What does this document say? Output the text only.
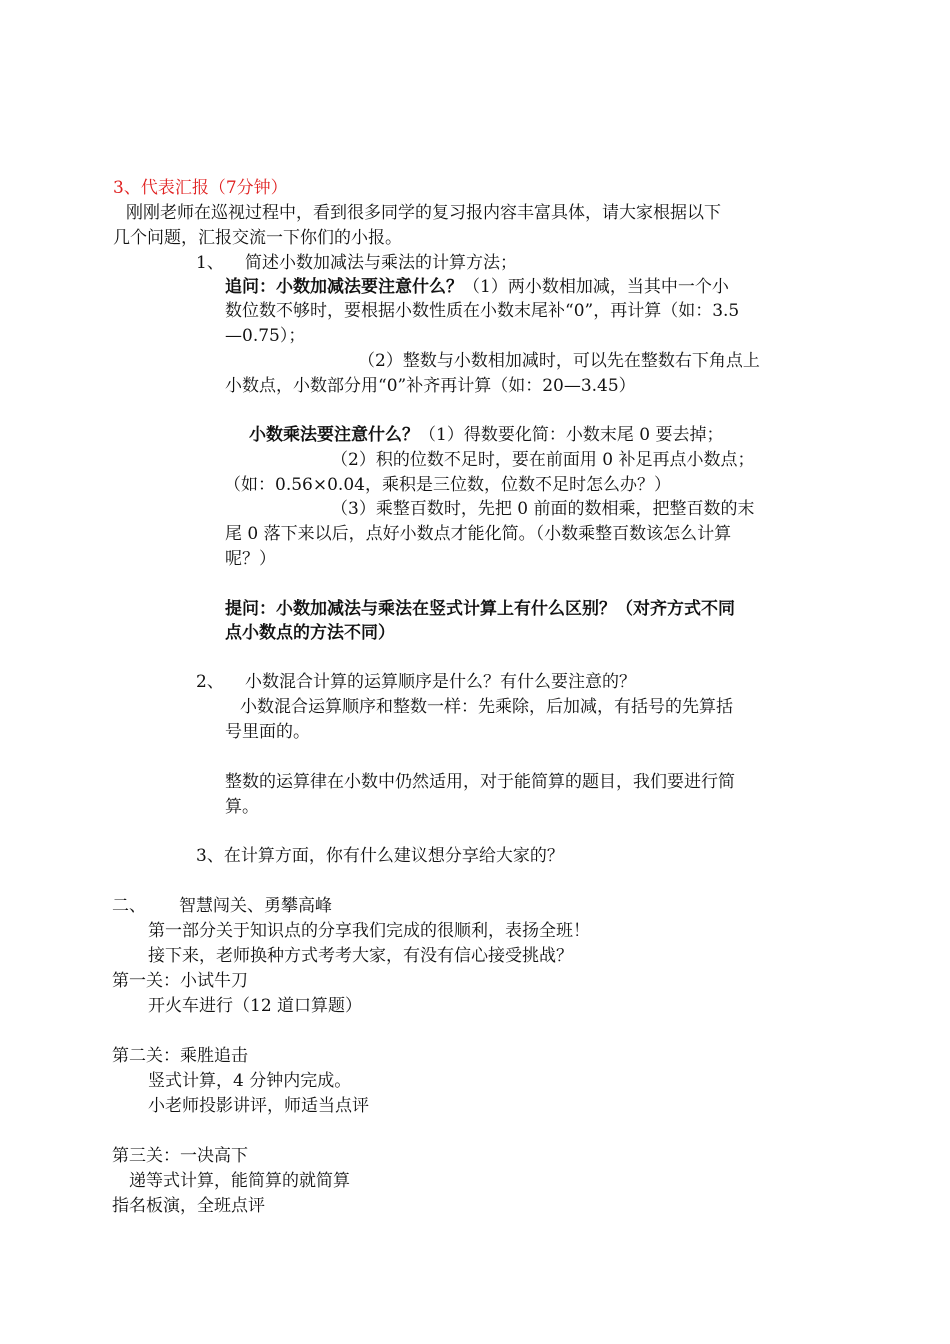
3、代表汇报（7分钟）
刚刚老师在巡视过程中，看到很多同学的复习报内容丰富具体，请大家根据以下
几个问题，汇报交流一下你们的小报。
1、 简述小数加减法与乘法的计算方法；
追问：小数加减法要注意什么？（1）两小数相加减，当其中一个小
数位数不够时，要根据小数性质在小数末尾补“0”，再计算（如：3.5
—0.75）；
（2）整数与小数相加减时，可以先在整数右下角点上
小数点，小数部分用“0”补齐再计算（如：20—3.45）
小数乘法要注意什么？（1）得数要化简：小数末尾 0 要去掉；
（2）积的位数不足时，要在前面用 0 补足再点小数点；
（如：0.56×0.04，乘积是三位数，位数不足时怎么办？）
（3）乘整百数时，先把 0 前面的数相乘，把整百数的末
尾 0 落下来以后，点好小数点才能化简。（小数乘整百数该怎么计算
呢？）
提问：小数加减法与乘法在竖式计算上有什么区别？（对齐方式不同
点小数点的方法不同）
2、 小数混合计算的运算顺序是什么？有什么要注意的？
小数混合运算顺序和整数一样：先乘除，后加减，有括号的先算括
号里面的。
整数的运算律在小数中仍然适用，对于能简算的题目，我们要进行简
算。
3、在计算方面，你有什么建议想分享给大家的？
二、 智慧闯关、勇攀高峰
第一部分关于知识点的分享我们完成的很顺利，表扬全班！
接下来，老师换种方式考考大家，有没有信心接受挑战？
第一关：小试牛刀
开火车进行（12 道口算题）
第二关：乘胜追击
竖式计算，4 分钟内完成。
小老师投影讲评，师适当点评
第三关：一决高下
递等式计算，能简算的就简算
指名板演，全班点评
